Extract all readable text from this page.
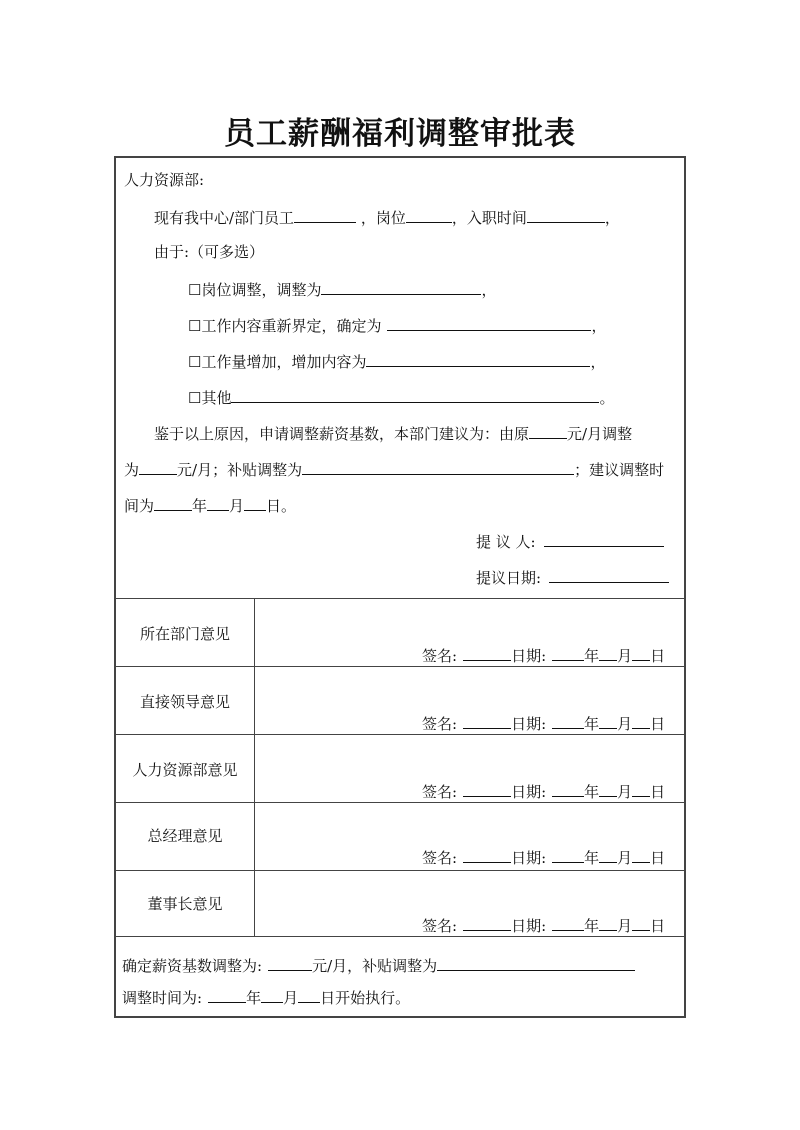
员工薪酬福利调整审批表
人力资源部:
现有我中心/部门员工	，岗位	，入职时间	，
由于:（可多选）
☐岗位调整，调整为	，
☐工作内容重新界定，确定为	，
☐工作量增加，增加内容为	，
☐其他	。
鉴于以上原因，申请调整薪资基数，本部门建议为：由原	元/月调整
为	元/月；补贴调整为	；建议调整时
间为	年 月 日。
提 议 人:
提议日期:
所在部门意见
签名:	日期:	年 月 日
直接领导意见
签名:	日期:	年 月 日
人力资源部意见
签名:	日期:	年 月 日
总经理意见
签名:	日期:	年 月 日
董事长意见
签名:	日期:	年 月 日
确定薪资基数调整为:	元/月，补贴调整为
调整时间为:	年 月 日开始执行。
